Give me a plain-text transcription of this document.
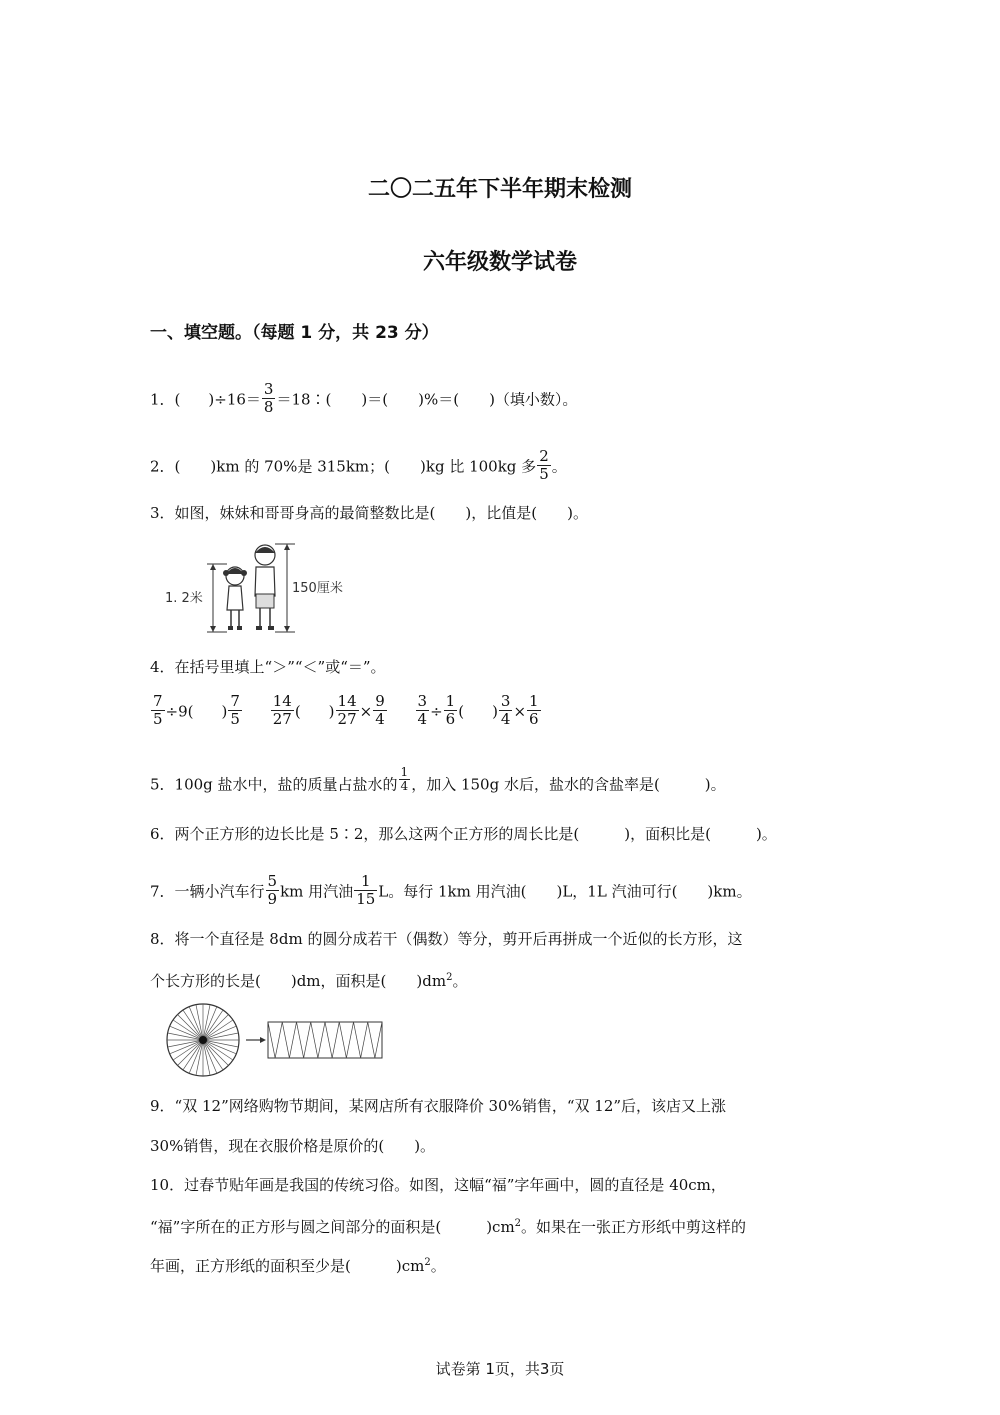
二〇二五年下半年期末检测
六年级数学试卷
一、填空题。（每题 1 分，共 23 分）
1．( )$\div 16= \frac{3}{8}$ ＝18∶(　　)＝(　　)%＝(　　)（填小数）。
2．(　　)km 的 70%是 315km；(　　)kg 比 100kg 多 $\frac{2}{5}$ 。
3．如图，妹妹和哥哥身高的最简整数比是(　　)，比值是(　　)。
1. 2米
150厘米
4．在括号里填上“＞”“＜”或“＝”。
$\frac{7}{5} \div 9$( ) $\frac{7}{5}$
$\frac{14}{27}$ ( ) $\frac{14}{27} \times \frac{9}{4}$
$\frac{3}{4} \div \frac{1}{6}$ ( ) $\frac{3}{4} \times \frac{1}{6}$
5．100g 盐水中，盐的质量占盐水的 $\frac{1}{4}$ ，加入 150g 水后，盐水的含盐率是(　　　)。
6．两个正方形的边长比是 5∶2，那么这两个正方形的周长比是(　　　)，面积比是(　　　)。
7．一辆小汽车行 $\frac{5}{9}$ km 用汽油 $\frac{1}{15}$ L。每行 1km 用汽油(　　)L，1L 汽油可行(　　)km。
8．将一个直径是 8dm 的圆分成若干（偶数）等分，剪开后再拼成一个近似的长方形，这
个长方形的长是(　　)dm，面积是(　　)$dm^2$。
9．“双 12”网络购物节期间，某网店所有衣服降价 30%销售，“双 12”后，该店又上涨
30%销售，现在衣服价格是原价的(　　)。
10．过春节贴年画是我国的传统习俗。如图，这幅“福”字年画中，圆的直径是 40cm，
“福”字所在的正方形与圆之间部分的面积是(　　　)$cm^2$。如果在一张正方形纸中剪这样的
年画，正方形纸的面积至少是(　　　)$cm^2$。
试卷第 1页，共3页
